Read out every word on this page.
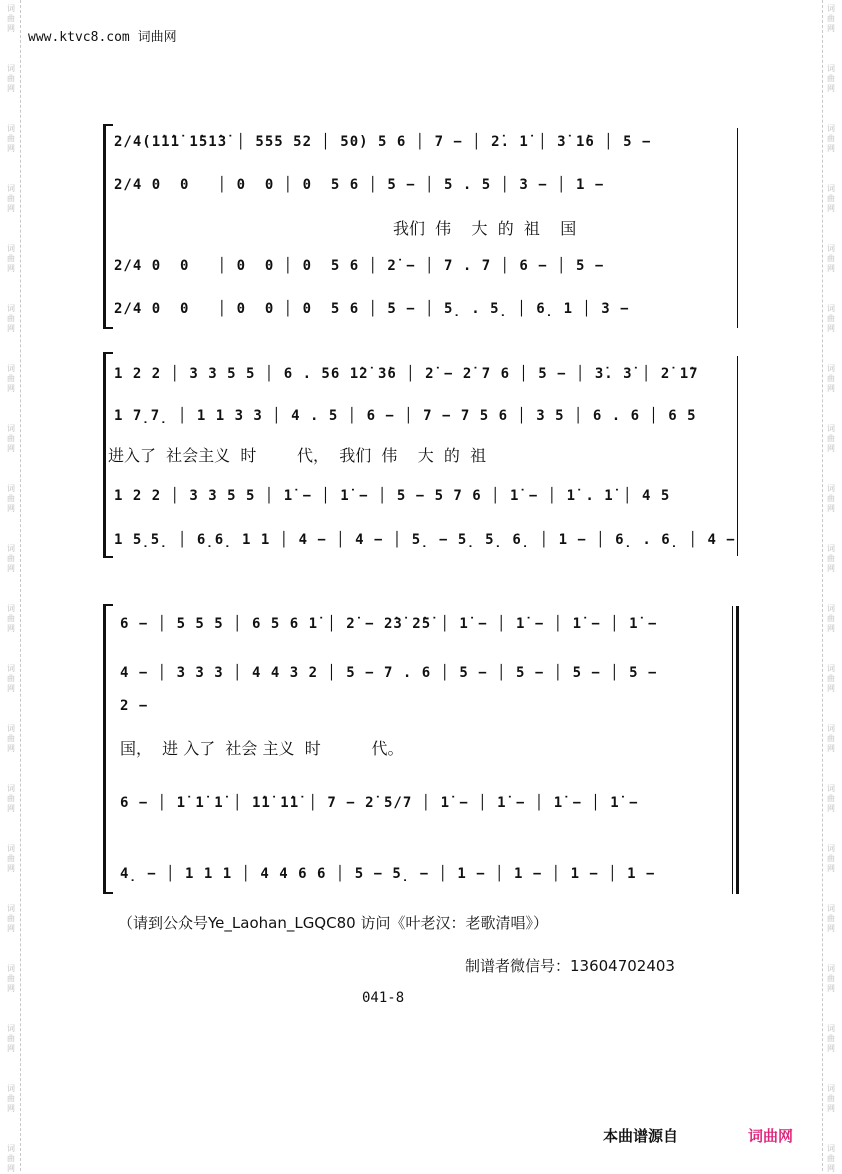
词
曲
网
词
曲
网
词
曲
网
词
曲
网
词
曲
网
词
曲
网
词
曲
网
词
曲
网
词
曲
网
词
曲
网
词
曲
网
词
曲
网
词
曲
网
词
曲
网
词
曲
网
词
曲
网
词
曲
网
词
曲
网
词
曲
网
词
曲
网
词
曲
网
词
曲
网
词
曲
网
词
曲
网
词
曲
网
词
曲
网
词
曲
网
词
曲
网
词
曲
网
词
曲
网
词
曲
网
词
曲
网
词
曲
网
词
曲
网
词
曲
网
词
曲
网
词
曲
网
词
曲
网
词
曲
网
词
曲
网
www.ktvc8.com 词曲网
2/4(1̇1̇1̇ 1̇51̇3̇ │ 555 52 │ 50) 5 6 │ 7 − │ 2̇. 1̇ │ 3̇ 1̇6 │ 5 −
2/4 0  0   │ 0  0 │ 0  5 6 │ 5 − │ 5 . 5 │ 3 − │ 1 −
我们  伟    大  的  祖    国
2/4 0  0   │ 0  0 │ 0  5 6 │ 2̇ − │ 7 . 7 │ 6 − │ 5 −
2/4 0  0   │ 0  0 │ 0  5 6 │ 5 − │ 5̣ . 5̣ │ 6̣ 1 │ 3 −
1 2 2 │ 3 3 5 5 │ 6 . 56 1̇2̇ 3̇6 │ 2̇ − 2̇ 7 6 │ 5 − │ 3̇. 3̇ │ 2̇ 1̇7
1 7̣7̣ │ 1 1 3 3 │ 4 . 5 │ 6 − │ 7 − 7 5 6 │ 3 5 │ 6 . 6 │ 6 5
进入了  社会主义  时        代，  我们  伟    大  的  祖
1 2 2 │ 3 3 5 5 │ 1̇ − │ 1̇ − │ 5 − 5 7 6 │ 1̇ − │ 1̇ . 1̇ │ 4 5
1 5̣5̣ │ 6̣6̣ 1 1 │ 4 − │ 4 − │ 5̣ − 5̣ 5̣ 6̣ │ 1 − │ 6̣ . 6̣ │ 4 −
6 − │ 5 5 5 │ 6 5 6 1̇ │ 2̇ − 2̇3̇ 2̇5̇ │ 1̇ − │ 1̇ − │ 1̇ − │ 1̇ −
4 − │ 3 3 3 │ 4 4 3 2 │ 5 − 7 . 6 │ 5 − │ 5 − │ 5 − │ 5 −
2 −
国，  进 入了  社会 主义  时          代。
6 − │ 1̇ 1̇ 1̇ │ 1̇1̇ 1̇1̇ │ 7 − 2̇ 5/7 │ 1̇ − │ 1̇ − │ 1̇ − │ 1̇ −
4̣ − │ 1 1 1 │ 4 4 6 6 │ 5 − 5̣ − │ 1 − │ 1 − │ 1 − │ 1 −
（请到公众号Ye_Laohan_LGQC80 访问《叶老汉：老歌清唱》）
制谱者微信号：13604702403
041-8
本曲谱源自	词曲网
